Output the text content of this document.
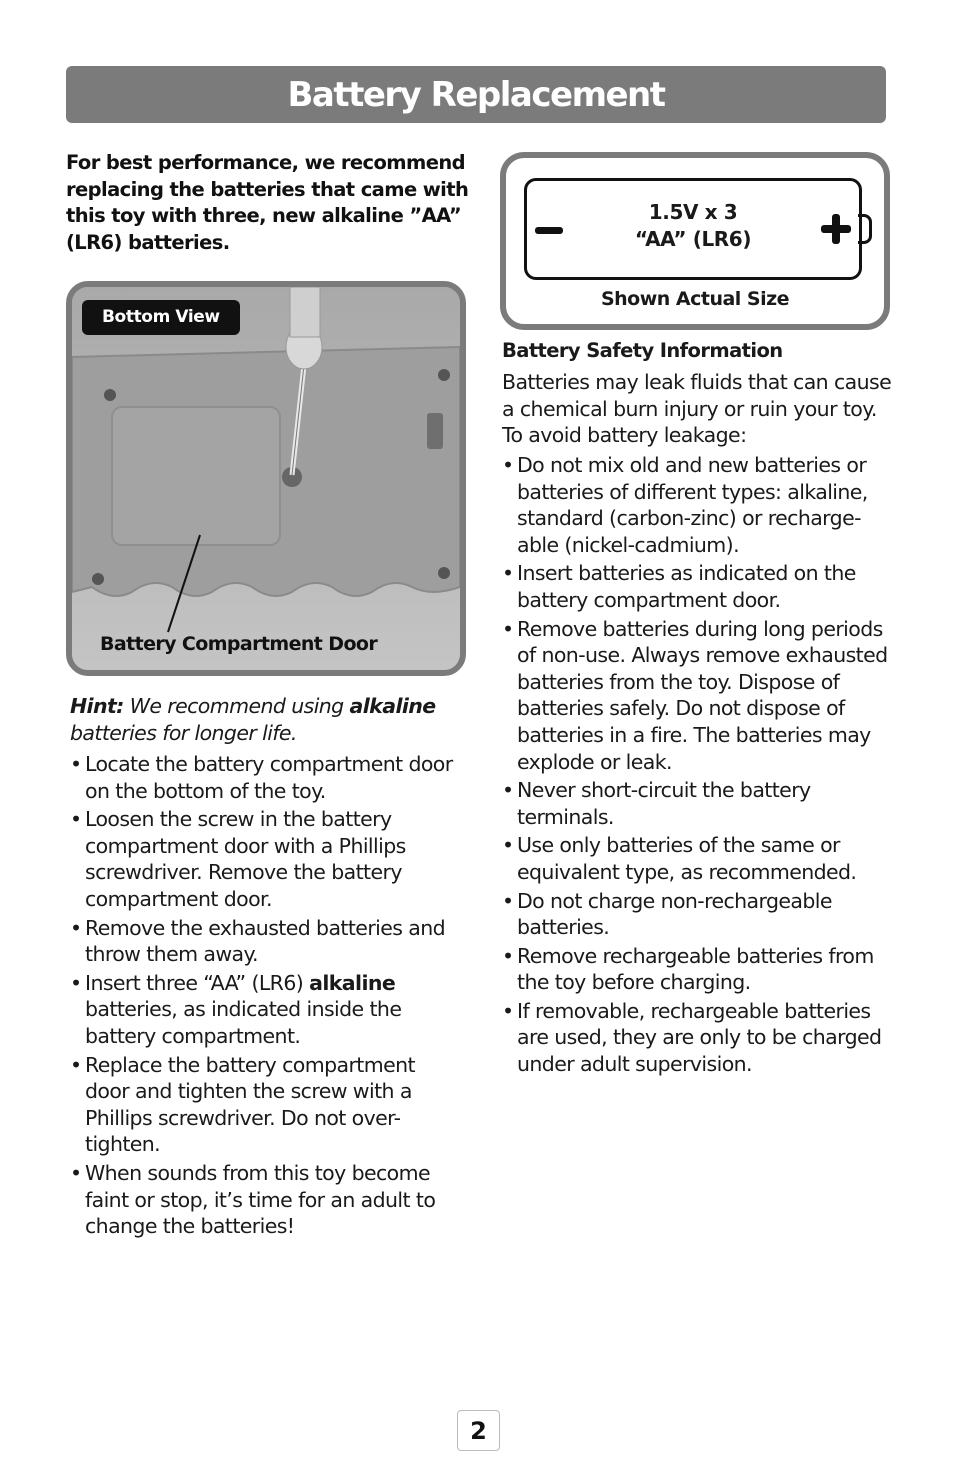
Battery Replacement

For best performance, we recommend replacing the batteries that came with this toy with three, new alkaline ”AA” (LR6) batteries.

Bottom View
Battery Compartment Door
1.5V x 3
“AA” (LR6)
Shown Actual Size

Hint: We recommend using alkaline batteries for longer life.

• Locate the battery compartment door on the bottom of the toy.
• Loosen the screw in the battery compartment door with a Phillips screwdriver. Remove the battery compartment door.
• Remove the exhausted batteries and throw them away.
• Insert three “AA” (LR6) alkaline batteries, as indicated inside the battery compartment.
• Replace the battery compartment door and tighten the screw with a Phillips screwdriver. Do not over-tighten.
• When sounds from this toy become faint or stop, it’s time for an adult to change the batteries!
Battery Safety Information

Batteries may leak fluids that can cause a chemical burn injury or ruin your toy. To avoid battery leakage:

• Do not mix old and new batteries or batteries of different types: alkaline, standard (carbon-zinc) or recharge-able (nickel-cadmium).
• Insert batteries as indicated on the battery compartment door.
• Remove batteries during long periods of non-use. Always remove exhausted batteries from the toy. Dispose of batteries safely. Do not dispose of batteries in a fire. The batteries may explode or leak.
• Never short-circuit the battery terminals.
• Use only batteries of the same or equivalent type, as recommended.
• Do not charge non-rechargeable batteries.
• Remove rechargeable batteries from the toy before charging.
• If removable, rechargeable batteries are used, they are only to be charged under adult supervision.
2
